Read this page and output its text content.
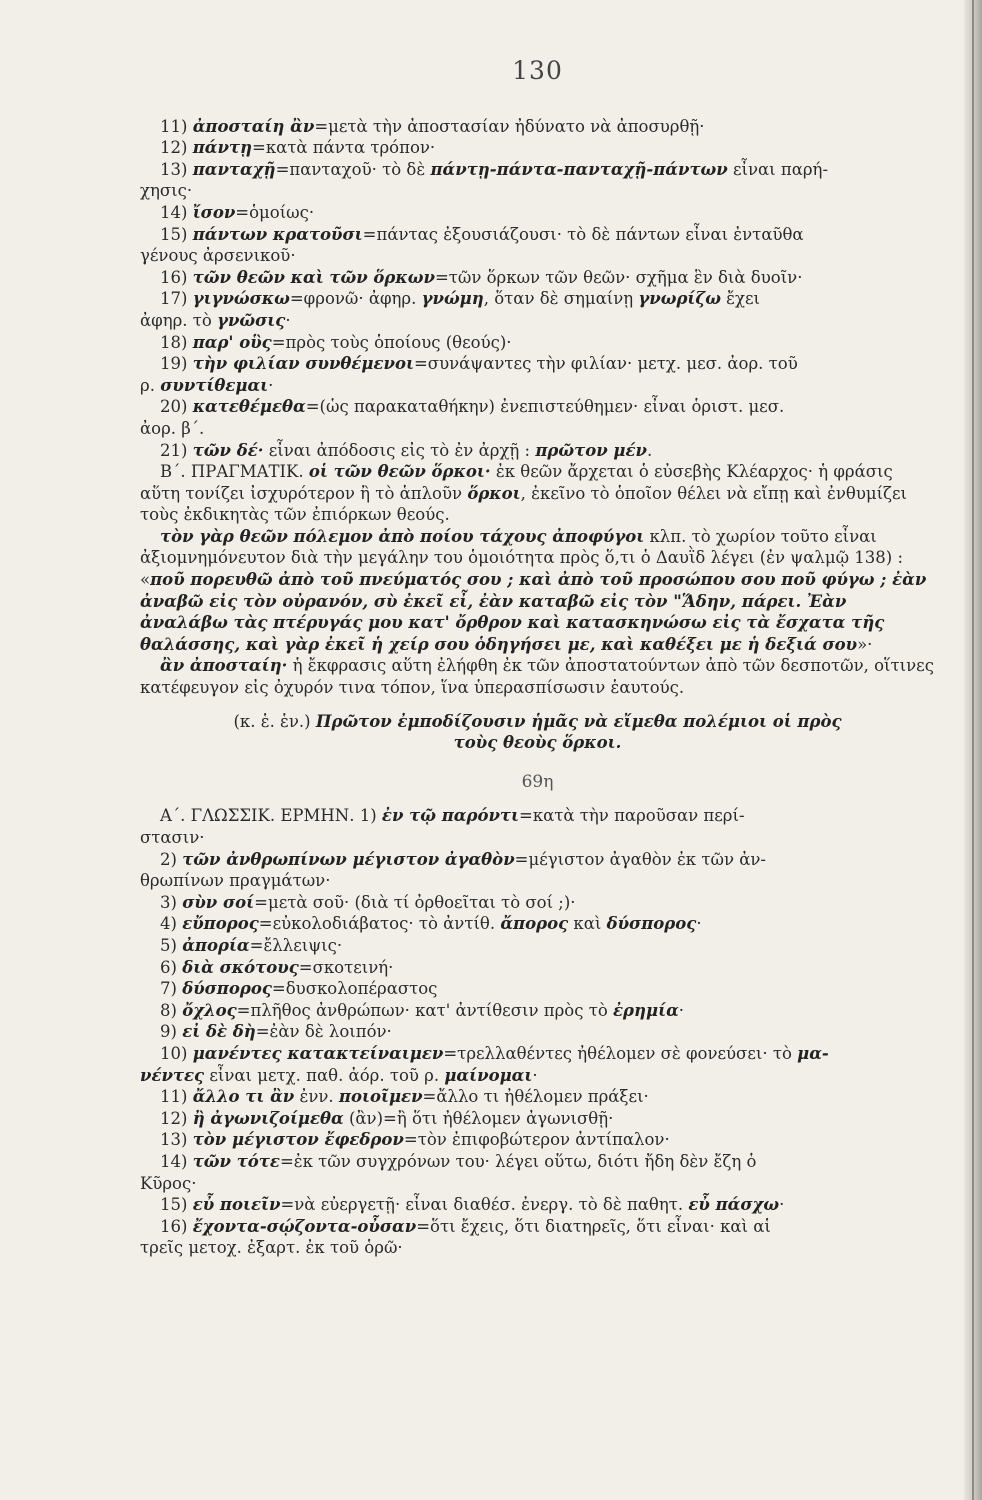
130

11) ἀποσταίη ἂν=μετὰ τὴν ἀποστασίαν ἠδύνατο νὰ ἀποσυρθῇ·

12) πάντῃ=κατὰ πάντα τρόπον·

13) πανταχῇ=πανταχοῦ· τὸ δὲ πάντῃ-πάντα-πανταχῇ-πάντων εἶναι παρή-

χησις·

14) ἴσον=ὁμοίως·

15) πάντων κρατοῦσι=πάντας ἐξουσιάζουσι· τὸ δὲ πάντων εἶναι ἐνταῦθα

γένους ἀρσενικοῦ·

16) τῶν θεῶν καὶ τῶν ὅρκων=τῶν ὅρκων τῶν θεῶν· σχῆμα ἓν διὰ δυοῖν·

17) γιγνώσκω=φρονῶ· ἀφηρ. γνώμη, ὅταν δὲ σημαίνῃ γνωρίζω ἔχει

ἀφηρ. τὸ γνῶσις·

18) παρ' οὓς=πρὸς τοὺς ὁποίους (θεούς)·

19) τὴν φιλίαν συνθέμενοι=συνάψαντες τὴν φιλίαν· μετχ. μεσ. ἀορ. τοῦ

ρ. συντίθεμαι·

20) κατεθέμεθα=(ὡς παρακαταθήκην) ἐνεπιστεύθημεν· εἶναι ὁριστ. μεσ.

ἀορ. β΄.

21) τῶν δέ· εἶναι ἀπόδοσις εἰς τὸ ἐν ἀρχῇ : πρῶτον μέν.

Β΄. ΠΡΑΓΜΑΤΙΚ. οἱ τῶν θεῶν ὅρκοι· ἐκ θεῶν ἄρχεται ὁ εὐσεβὴς Κλέαρχος· ἡ φράσις αὕτη τονίζει ἰσχυρότερον ἢ τὸ ἁπλοῦν ὅρκοι, ἐκεῖνο τὸ ὁποῖον θέλει νὰ εἴπῃ καὶ ἐνθυμίζει τοὺς ἐκδικητὰς τῶν ἐπιόρκων θεούς.

τὸν γὰρ θεῶν πόλεμον ἀπὸ ποίου τάχους ἀποφύγοι κλπ. τὸ χωρίον τοῦτο εἶναι ἀξιομνημόνευτον διὰ τὴν μεγάλην του ὁμοιότητα πρὸς ὅ,τι ὁ Δαυῒδ λέγει (ἐν ψαλμῷ 138) : «ποῦ πορευθῶ ἀπὸ τοῦ πνεύματός σου ; καὶ ἀπὸ τοῦ προσώπου σου ποῦ φύγω ; ἐὰν ἀναβῶ εἰς τὸν οὐρανόν, σὺ ἐκεῖ εἶ, ἐὰν καταβῶ εἰς τὸν "Ἅδην, πάρει. Ἐὰν ἀναλάβω τὰς πτέρυγάς μου κατ' ὄρθρον καὶ κατασκηνώσω εἰς τὰ ἔσχατα τῆς θαλάσσης, καὶ γὰρ ἐκεῖ ἡ χείρ σου ὁδηγήσει με, καὶ καθέξει με ἡ δεξιά σου»·

ἂν ἀποσταίη· ἡ ἔκφρασις αὕτη ἐλήφθη ἐκ τῶν ἀποστατούντων ἀπὸ τῶν δεσποτῶν, οἵτινες κατέφευγον εἰς ὀχυρόν τινα τόπον, ἵνα ὑπερασπίσωσιν ἑαυτούς.

(κ. ἑ. ἑν.) Πρῶτον ἐμποδίζουσιν ἡμᾶς νὰ εἴμεθα πολέμιοι οἱ πρὸς

τοὺς θεοὺς ὅρκοι.

69η

Α΄. ΓΛΩΣΣΙΚ. ΕΡΜΗΝ. 1) ἐν τῷ παρόντι=κατὰ τὴν παροῦσαν περί-

στασιν·

2) τῶν ἀνθρωπίνων μέγιστον ἀγαθὸν=μέγιστον ἀγαθὸν ἐκ τῶν ἀν-

θρωπίνων πραγμάτων·

3) σὺν σοί=μετὰ σοῦ· (διὰ τί ὀρθοεῖται τὸ σοί ;)·

4) εὔπορος=εὐκολοδιάβατος· τὸ ἀντίθ. ἄπορος καὶ δύσπορος·

5) ἀπορία=ἔλλειψις·

6) διὰ σκότους=σκοτεινή·

7) δύσπορος=δυσκολοπέραστος

8) ὄχλος=πλῆθος ἀνθρώπων· κατ' ἀντίθεσιν πρὸς τὸ ἐρημία·

9) εἰ δὲ δὴ=ἐὰν δὲ λοιπόν·

10) μανέντες κατακτείναιμεν=τρελλαθέντες ἠθέλομεν σὲ φονεύσει· τὸ μα-

νέντες εἶναι μετχ. παθ. ἀόρ. τοῦ ρ. μαίνομαι·

11) ἄλλο τι ἂν ἐνν. ποιοῖμεν=ἄλλο τι ἠθέλομεν πράξει·

12) ἢ ἀγωνιζοίμεθα (ἂν)=ἢ ὅτι ἠθέλομεν ἀγωνισθῇ·

13) τὸν μέγιστον ἔφεδρον=τὸν ἐπιφοβώτερον ἀντίπαλον·

14) τῶν τότε=ἐκ τῶν συγχρόνων του· λέγει οὕτω, διότι ἤδη δὲν ἔζη ὁ

Κῦρος·

15) εὖ ποιεῖν=νὰ εὐεργετῇ· εἶναι διαθέσ. ἐνεργ. τὸ δὲ παθητ. εὖ πάσχω·

16) ἔχοντα-σῴζοντα-οὖσαν=ὅτι ἔχεις, ὅτι διατηρεῖς, ὅτι εἶναι· καὶ αἱ

τρεῖς μετοχ. ἐξαρτ. ἐκ τοῦ ὁρῶ·
